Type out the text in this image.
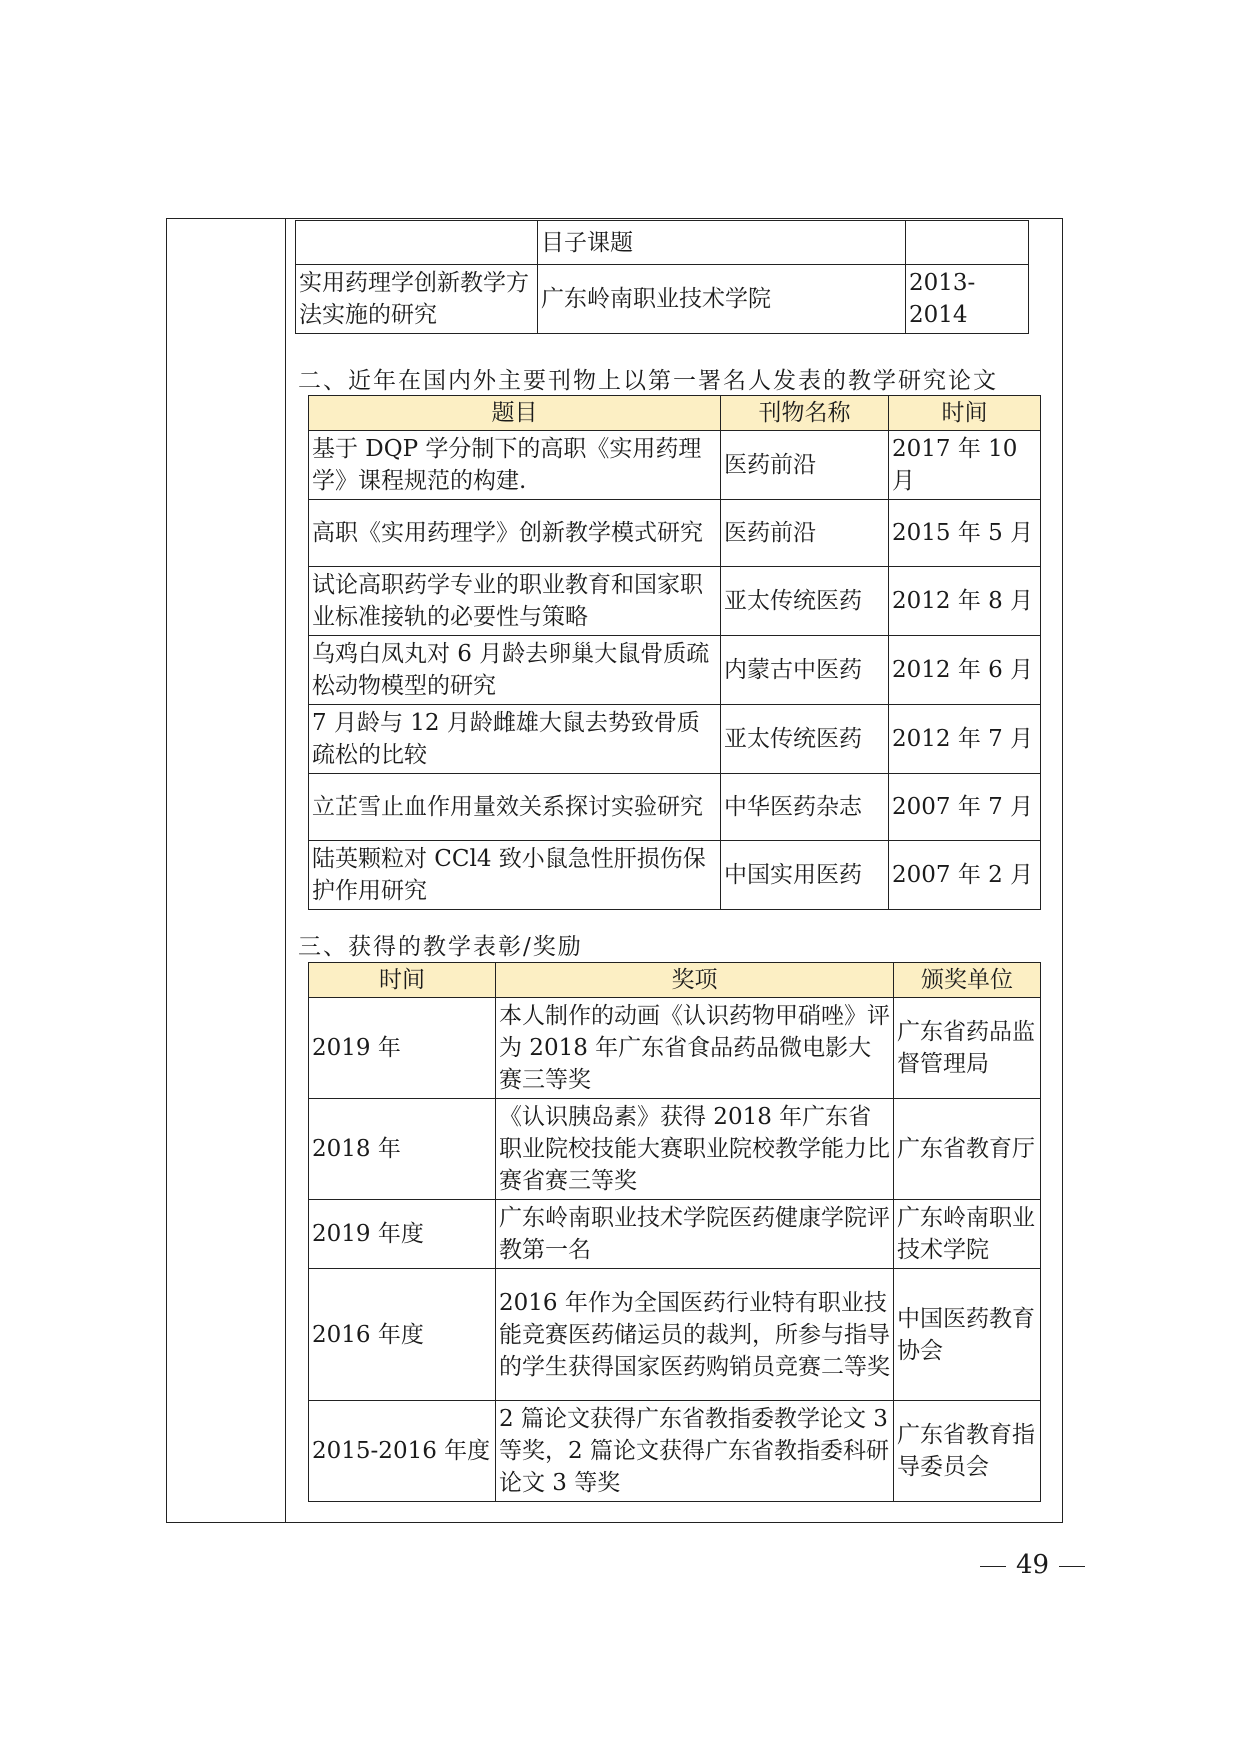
	目子课题	
实用药理学创新教学方法实施的研究	广东岭南职业技术学院	2013-2014
二、近年在国内外主要刊物上以第一署名人发表的教学研究论文
题目	刊物名称	时间
基于 DQP 学分制下的高职《实用药理学》课程规范的构建.	医药前沿	2017 年 10 月
高职《实用药理学》创新教学模式研究	医药前沿	2015 年 5 月
试论高职药学专业的职业教育和国家职业标准接轨的必要性与策略	亚太传统医药	2012 年 8 月
乌鸡白凤丸对 6 月龄去卵巢大鼠骨质疏松动物模型的研究	内蒙古中医药	2012 年 6 月
7 月龄与 12 月龄雌雄大鼠去势致骨质疏松的比较	亚太传统医药	2012 年 7 月
立芷雪止血作用量效关系探讨实验研究	中华医药杂志	2007 年 7 月
陆英颗粒对 CCl4 致小鼠急性肝损伤保护作用研究	中国实用医药	2007 年 2 月
三、获得的教学表彰/奖励
时间	奖项	颁奖单位
2019 年	本人制作的动画《认识药物甲硝唑》评为 2018 年广东省食品药品微电影大赛三等奖	广东省药品监督管理局
2018 年	《认识胰岛素》获得 2018 年广东省职业院校技能大赛职业院校教学能力比赛省赛三等奖	广东省教育厅
2019 年度	广东岭南职业技术学院医药健康学院评教第一名	广东岭南职业技术学院
2016 年度	2016 年作为全国医药行业特有职业技能竞赛医药储运员的裁判，所参与指导的学生获得国家医药购销员竞赛二等奖	中国医药教育协会
2015-2016 年度	2 篇论文获得广东省教指委教学论文 3 等奖，2 篇论文获得广东省教指委科研论文 3 等奖	广东省教育指导委员会
49
